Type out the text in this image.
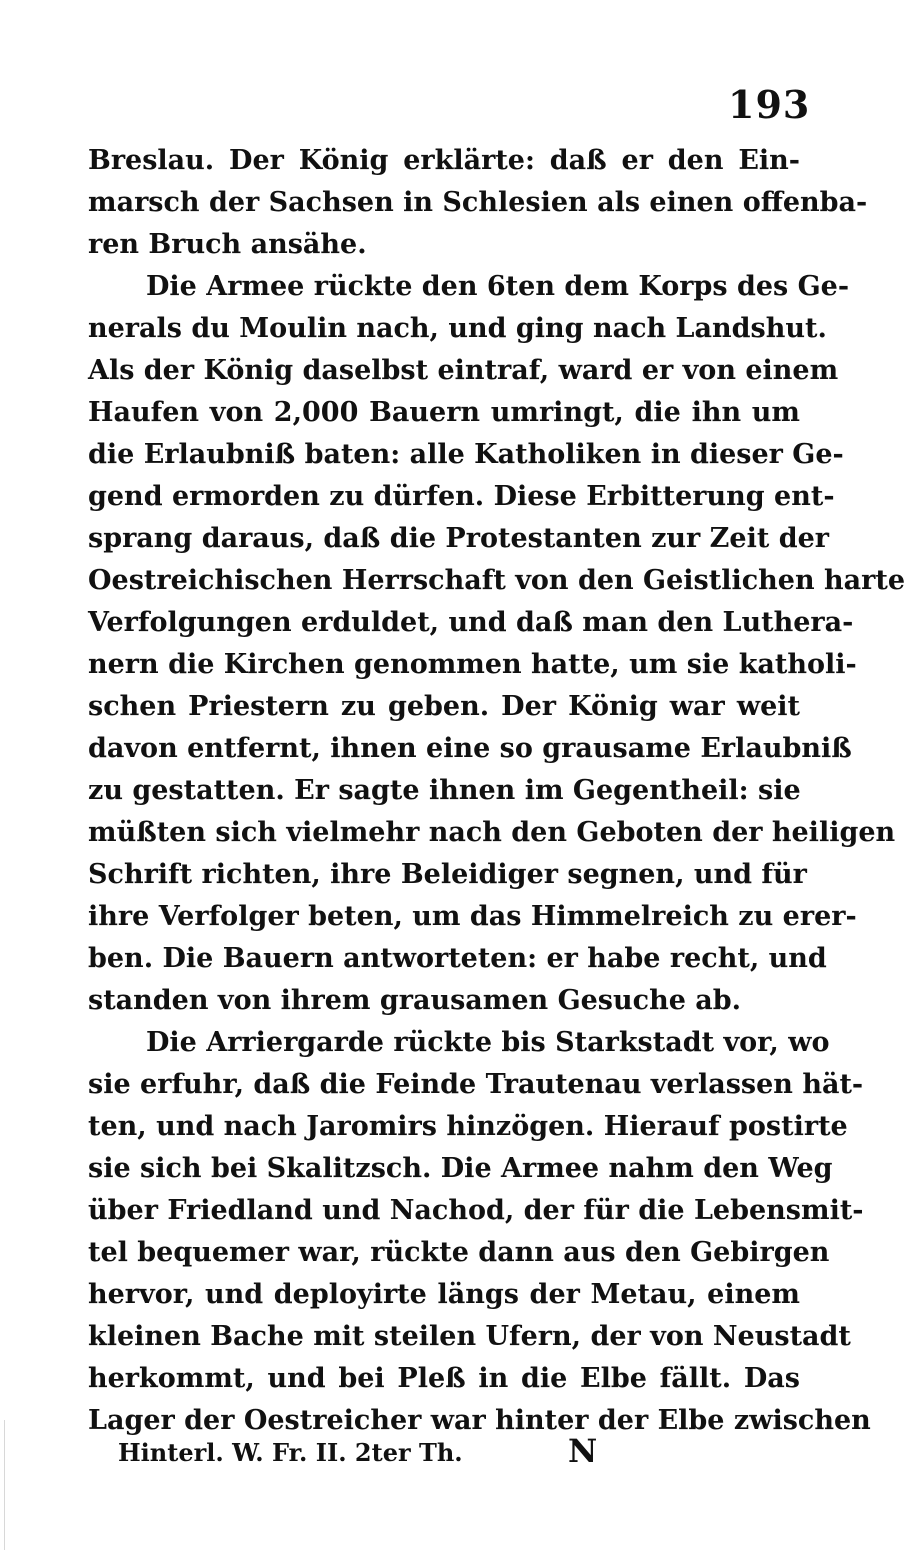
193
Breslau. Der König erklärte: daß er den Ein-
marsch der Sachsen in Schlesien als einen offenba-
ren Bruch ansähe.
Die Armee rückte den 6ten dem Korps des Ge-
nerals du Moulin nach, und ging nach Landshut.
Als der König daselbst eintraf, ward er von einem
Haufen von 2,000 Bauern umringt, die ihn um
die Erlaubniß baten: alle Katholiken in dieser Ge-
gend ermorden zu dürfen. Diese Erbitterung ent-
sprang daraus, daß die Protestanten zur Zeit der
Oestreichischen Herrschaft von den Geistlichen harte
Verfolgungen erduldet, und daß man den Luthera-
nern die Kirchen genommen hatte, um sie katholi-
schen Priestern zu geben. Der König war weit
davon entfernt, ihnen eine so grausame Erlaubniß
zu gestatten. Er sagte ihnen im Gegentheil: sie
müßten sich vielmehr nach den Geboten der heiligen
Schrift richten, ihre Beleidiger segnen, und für
ihre Verfolger beten, um das Himmelreich zu erer-
ben. Die Bauern antworteten: er habe recht, und
standen von ihrem grausamen Gesuche ab.
Die Arriergarde rückte bis Starkstadt vor, wo
sie erfuhr, daß die Feinde Trautenau verlassen hät-
ten, und nach Jaromirs hinzögen. Hierauf postirte
sie sich bei Skalitzsch. Die Armee nahm den Weg
über Friedland und Nachod, der für die Lebensmit-
tel bequemer war, rückte dann aus den Gebirgen
hervor, und deployirte längs der Metau, einem
kleinen Bache mit steilen Ufern, der von Neustadt
herkommt, und bei Pleß in die Elbe fällt. Das
Lager der Oestreicher war hinter der Elbe zwischen
Hinterl. W. Fr. II. 2ter Th.	N
